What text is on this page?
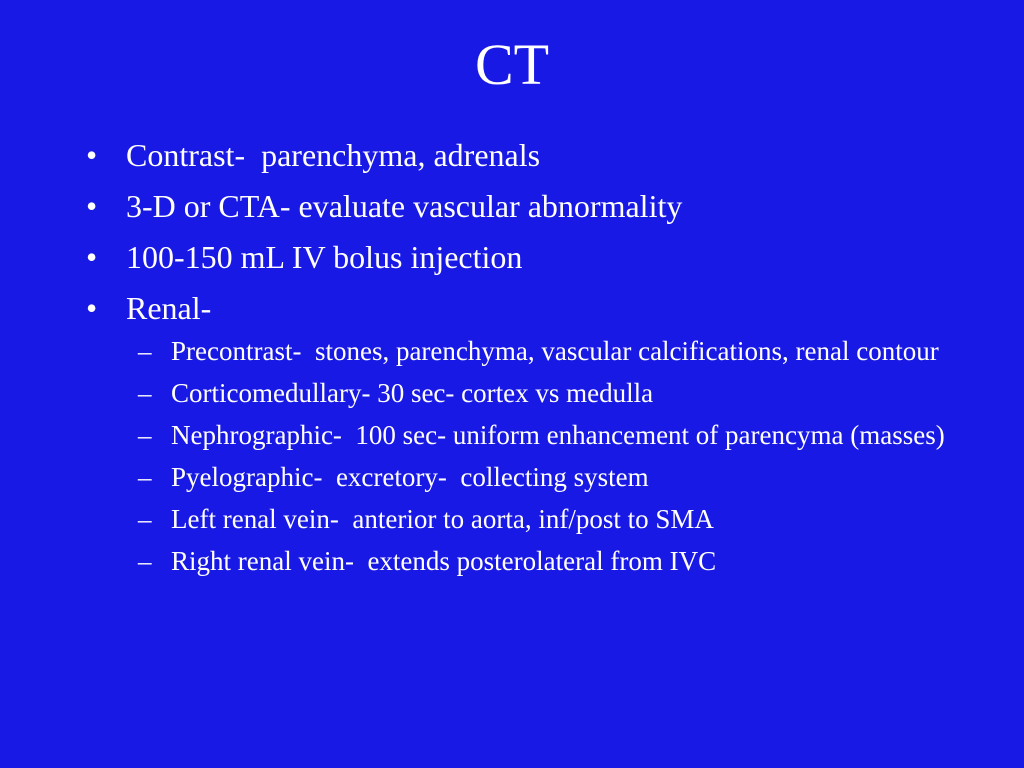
CT
• Contrast-  parenchyma, adrenals
• 3-D or CTA- evaluate vascular abnormality
• 100-150 mL IV bolus injection
• Renal-
– Precontrast-  stones, parenchyma, vascular calcifications, renal contour
– Corticomedullary- 30 sec- cortex vs medulla
– Nephrographic-  100 sec- uniform enhancement of parencyma (masses)
– Pyelographic-  excretory-  collecting system
– Left renal vein-  anterior to aorta, inf/post to SMA
– Right renal vein-  extends posterolateral from IVC
